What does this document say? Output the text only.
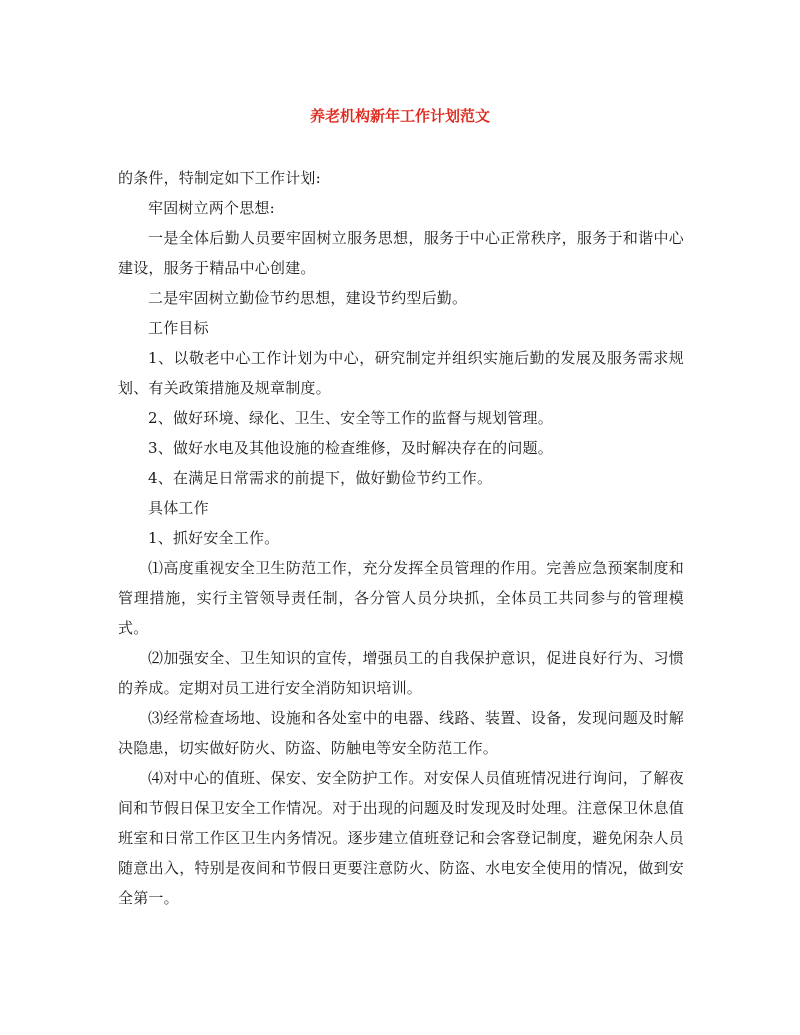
养老机构新年工作计划范文

的条件，特制定如下工作计划:

牢固树立两个思想:

一是全体后勤人员要牢固树立服务思想，服务于中心正常秩序，服务于和谐中心建设，服务于精品中心创建。

二是牢固树立勤俭节约思想，建设节约型后勤。

工作目标

1、以敬老中心工作计划为中心，研究制定并组织实施后勤的发展及服务需求规划、有关政策措施及规章制度。

2、做好环境、绿化、卫生、安全等工作的监督与规划管理。

3、做好水电及其他设施的检查维修，及时解决存在的问题。

4、在满足日常需求的前提下，做好勤俭节约工作。

具体工作

1、抓好安全工作。

⑴高度重视安全卫生防范工作，充分发挥全员管理的作用。完善应急预案制度和管理措施，实行主管领导责任制，各分管人员分块抓，全体员工共同参与的管理模式。

⑵加强安全、卫生知识的宣传，增强员工的自我保护意识，促进良好行为、习惯的养成。定期对员工进行安全消防知识培训。

⑶经常检查场地、设施和各处室中的电器、线路、装置、设备，发现问题及时解决隐患，切实做好防火、防盗、防触电等安全防范工作。

⑷对中心的值班、保安、安全防护工作。对安保人员值班情况进行询问，了解夜间和节假日保卫安全工作情况。对于出现的问题及时发现及时处理。注意保卫休息值班室和日常工作区卫生内务情况。逐步建立值班登记和会客登记制度，避免闲杂人员随意出入，特别是夜间和节假日更要注意防火、防盗、水电安全使用的情况，做到安全第一。
